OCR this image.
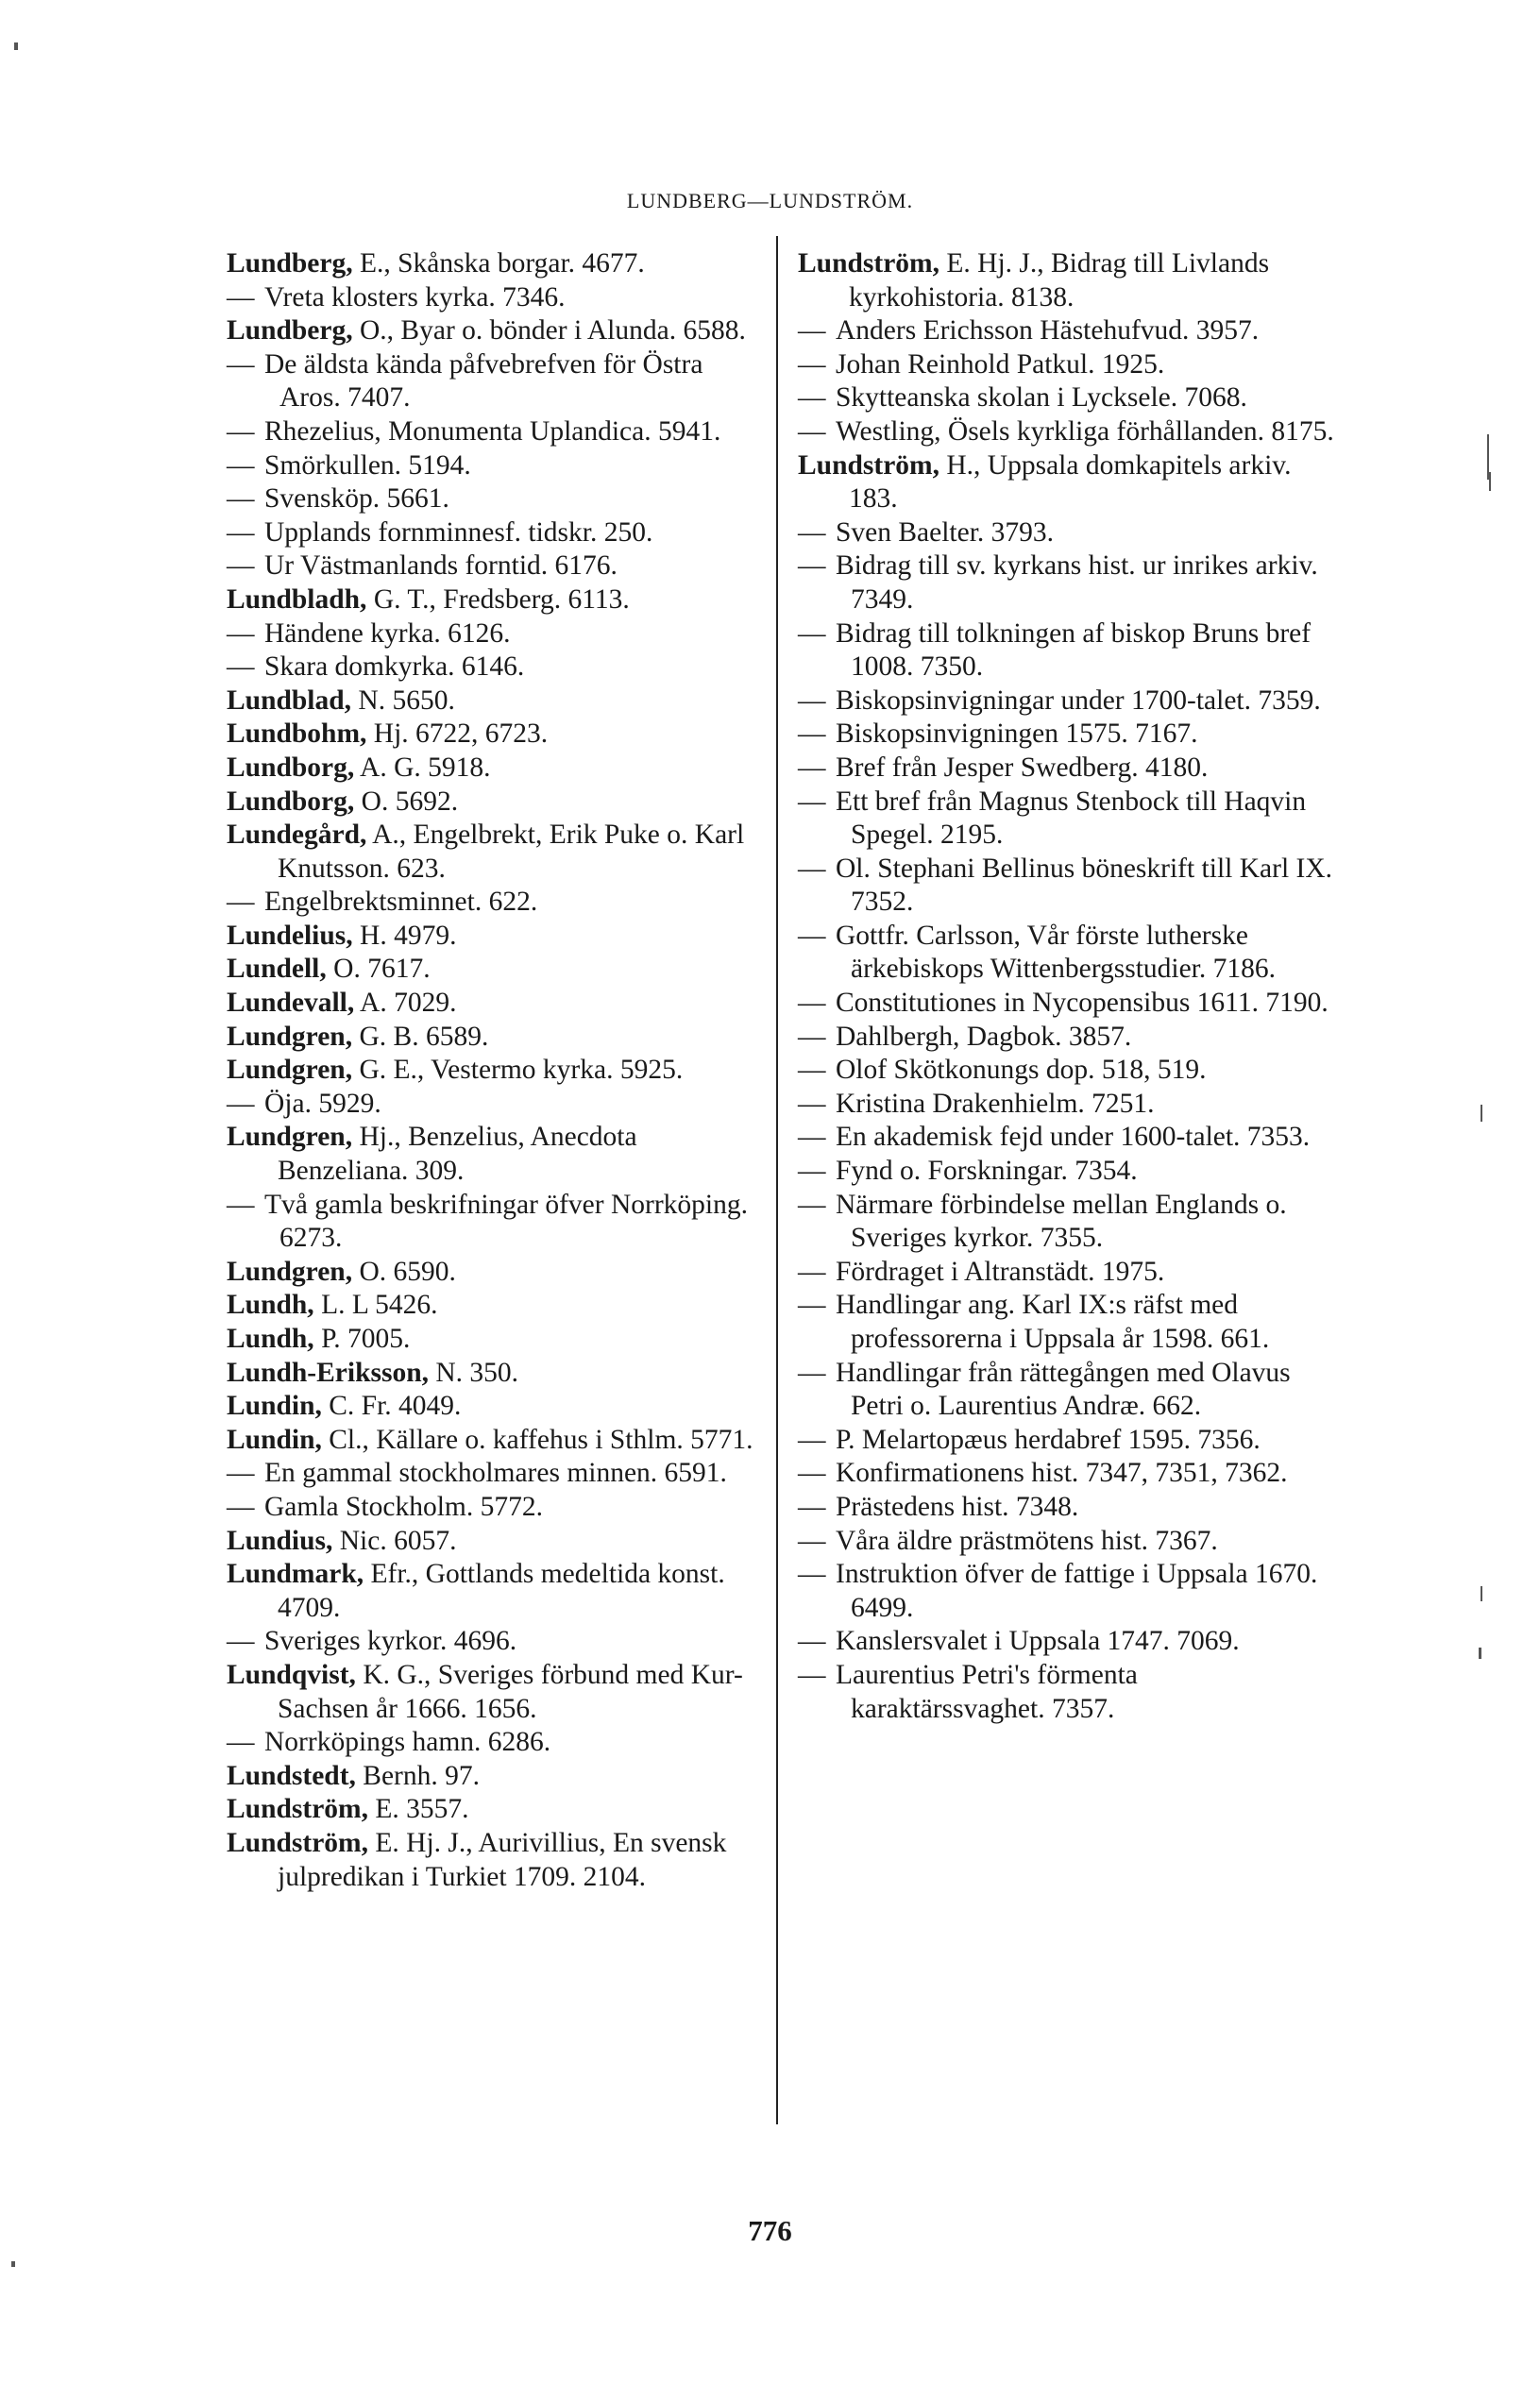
LUNDBERG—LUNDSTRÖM.
Lundberg, E., Skånska borgar. 4677.
— Vreta klosters kyrka. 7346.
Lundberg, O., Byar o. bönder i Alunda. 6588.
— De äldsta kända påfvebrefven för Östra Aros. 7407.
— Rhezelius, Monumenta Uplandica. 5941.
— Smörkullen. 5194.
— Svensköp. 5661.
— Upplands fornminnesf. tidskr. 250.
— Ur Västmanlands forntid. 6176.
Lundbladh, G. T., Fredsberg. 6113.
— Händene kyrka. 6126.
— Skara domkyrka. 6146.
Lundblad, N. 5650.
Lundbohm, Hj. 6722, 6723.
Lundborg, A. G. 5918.
Lundborg, O. 5692.
Lundegård, A., Engelbrekt, Erik Puke o. Karl Knutsson. 623.
— Engelbrektsminnet. 622.
Lundelius, H. 4979.
Lundell, O. 7617.
Lundevall, A. 7029.
Lundgren, G. B. 6589.
Lundgren, G. E., Vestermo kyrka. 5925.
— Öja. 5929.
Lundgren, Hj., Benzelius, Anecdota Benzeliana. 309.
— Två gamla beskrifningar öfver Norrköping. 6273.
Lundgren, O. 6590.
Lundh, L. L 5426.
Lundh, P. 7005.
Lundh-Eriksson, N. 350.
Lundin, C. Fr. 4049.
Lundin, Cl., Källare o. kaffehus i Sthlm. 5771.
— En gammal stockholmares minnen. 6591.
— Gamla Stockholm. 5772.
Lundius, Nic. 6057.
Lundmark, Efr., Gottlands medeltida konst. 4709.
— Sveriges kyrkor. 4696.
Lundqvist, K. G., Sveriges förbund med Kur-Sachsen år 1666. 1656.
— Norrköpings hamn. 6286.
Lundstedt, Bernh. 97.
Lundström, E. 3557.
Lundström, E. Hj. J., Aurivillius, En svensk julpredikan i Turkiet 1709. 2104.
Lundström, E. Hj. J., Bidrag till Livlands kyrkohistoria. 8138.
— Anders Erichsson Hästehufvud. 3957.
— Johan Reinhold Patkul. 1925.
— Skytteanska skolan i Lycksele. 7068.
— Westling, Ösels kyrkliga förhållanden. 8175.
Lundström, H., Uppsala domkapitels arkiv. 183.
— Sven Baelter. 3793.
— Bidrag till sv. kyrkans hist. ur inrikes arkiv. 7349.
— Bidrag till tolkningen af biskop Bruns bref 1008. 7350.
— Biskopsinvigningar under 1700-talet. 7359.
— Biskopsinvigningen 1575. 7167.
— Bref från Jesper Swedberg. 4180.
— Ett bref från Magnus Stenbock till Haqvin Spegel. 2195.
— Ol. Stephani Bellinus böneskrift till Karl IX. 7352.
— Gottfr. Carlsson, Vår förste lutherske ärkebiskops Wittenbergsstudier. 7186.
— Constitutiones in Nycopensibus 1611. 7190.
— Dahlbergh, Dagbok. 3857.
— Olof Skötkonungs dop. 518, 519.
— Kristina Drakenhielm. 7251.
— En akademisk fejd under 1600-talet. 7353.
— Fynd o. Forskningar. 7354.
— Närmare förbindelse mellan Englands o. Sveriges kyrkor. 7355.
— Fördraget i Altranstädt. 1975.
— Handlingar ang. Karl IX:s räfst med professorerna i Uppsala år 1598. 661.
— Handlingar från rättegången med Olavus Petri o. Laurentius Andræ. 662.
— P. Melartopæus herdabref 1595. 7356.
— Konfirmationens hist. 7347, 7351, 7362.
— Prästedens hist. 7348.
— Våra äldre prästmötens hist. 7367.
— Instruktion öfver de fattige i Uppsala 1670. 6499.
— Kanslersvalet i Uppsala 1747. 7069.
— Laurentius Petri's förmenta karaktärssvaghet. 7357.
776
